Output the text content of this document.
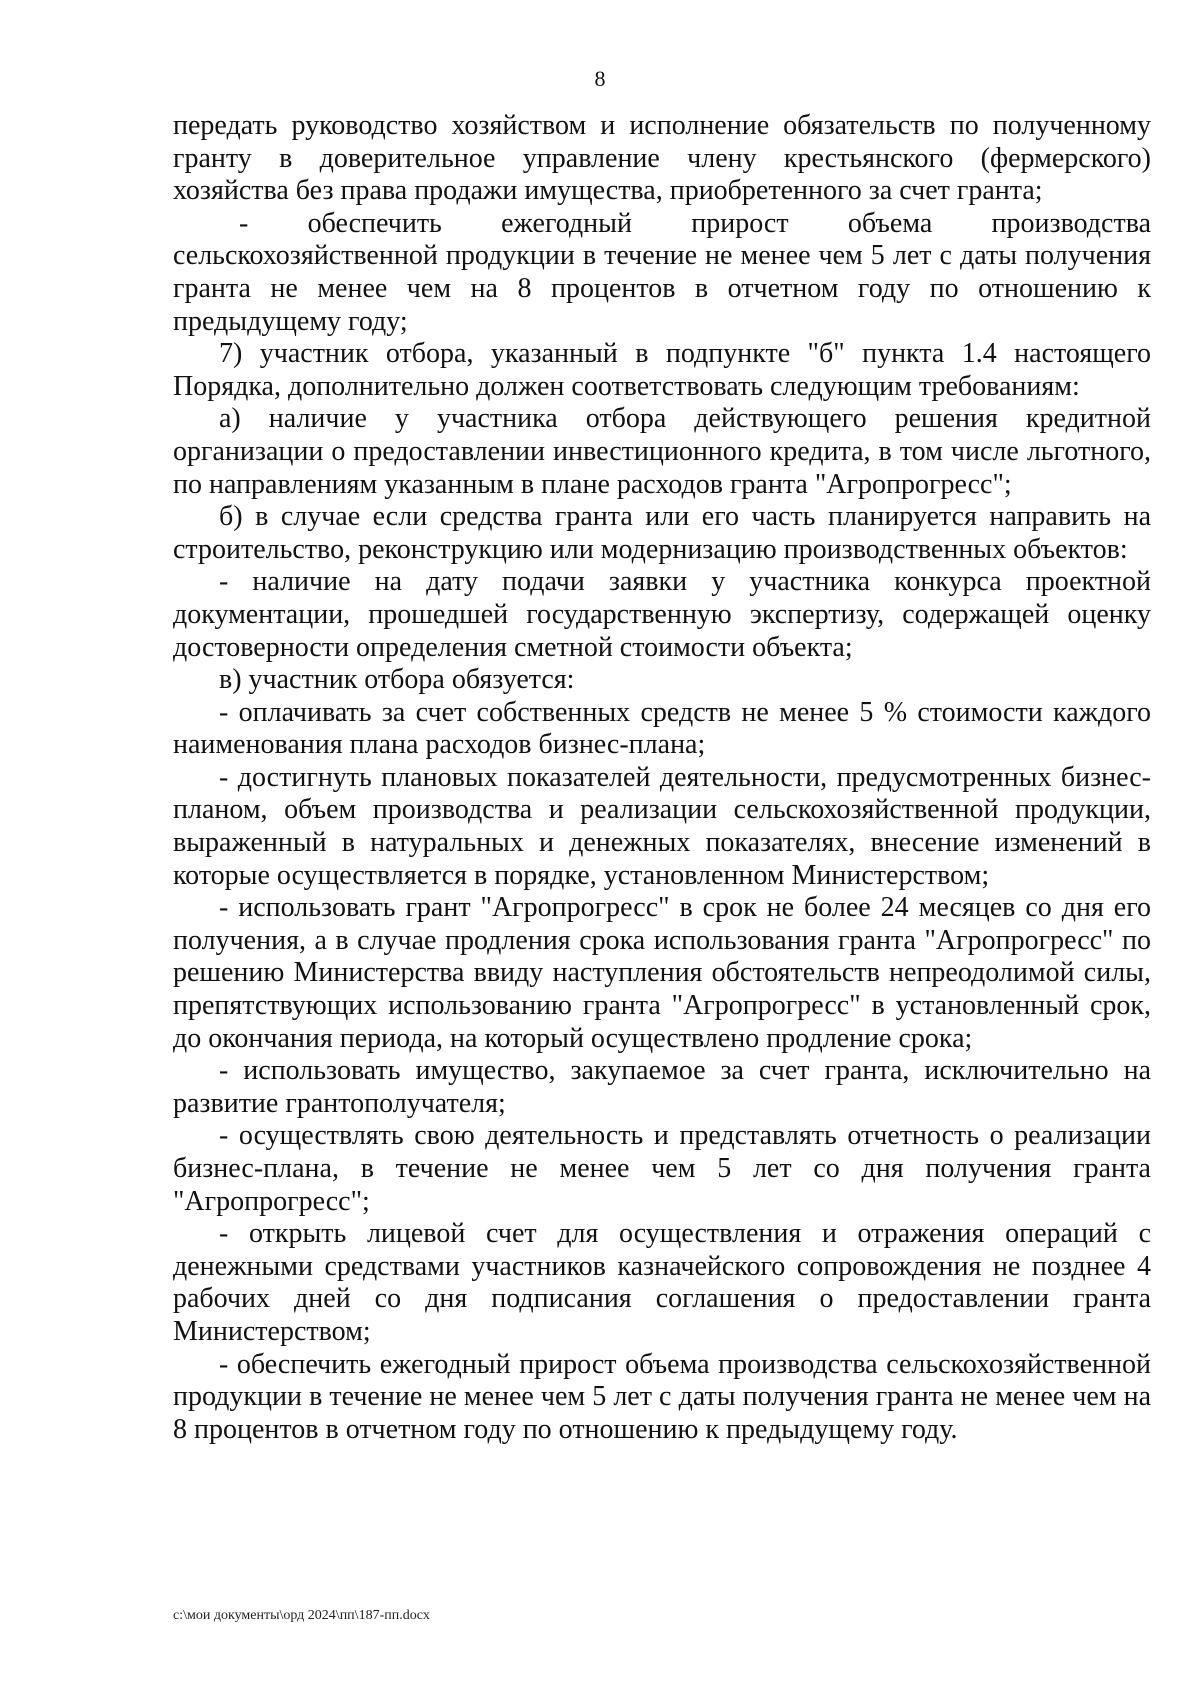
8

передать руководство хозяйством и исполнение обязательств по полученному гранту в доверительное управление члену крестьянского (фермерского) хозяйства без права продажи имущества, приобретенного за счет гранта;

- обеспечить ежегодный прирост объема производства сельскохозяйственной продукции в течение не менее чем 5 лет с даты получения гранта не менее чем на 8 процентов в отчетном году по отношению к предыдущему году;

7) участник отбора, указанный в подпункте "б" пункта 1.4 настоящего Порядка, дополнительно должен соответствовать следующим требованиям:

а) наличие у участника отбора действующего решения кредитной организации о предоставлении инвестиционного кредита, в том числе льготного, по направлениям указанным в плане расходов гранта "Агропрогресс";

б) в случае если средства гранта или его часть планируется направить на строительство, реконструкцию или модернизацию производственных объектов:

- наличие на дату подачи заявки у участника конкурса проектной документации, прошедшей государственную экспертизу, содержащей оценку достоверности определения сметной стоимости объекта;

в) участник отбора обязуется:

- оплачивать за счет собственных средств не менее 5 % стоимости каждого наименования плана расходов бизнес-плана;

- достигнуть плановых показателей деятельности, предусмотренных бизнес-планом, объем производства и реализации сельскохозяйственной продукции, выраженный в натуральных и денежных показателях, внесение изменений в которые осуществляется в порядке, установленном Министерством;

- использовать грант "Агропрогресс" в срок не более 24 месяцев со дня его получения, а в случае продления срока использования гранта "Агропрогресс" по решению Министерства ввиду наступления обстоятельств непреодолимой силы, препятствующих использованию гранта "Агропрогресс" в установленный срок, до окончания периода, на который осуществлено продление срока;

- использовать имущество, закупаемое за счет гранта, исключительно на развитие грантополучателя;

- осуществлять свою деятельность и представлять отчетность о реализации бизнес-плана, в течение не менее чем 5 лет со дня получения гранта "Агропрогресс";

- открыть лицевой счет для осуществления и отражения операций с денежными средствами участников казначейского сопровождения не позднее 4 рабочих дней со дня подписания соглашения о предоставлении гранта Министерством;

- обеспечить ежегодный прирост объема производства сельскохозяйственной продукции в течение не менее чем 5 лет с даты получения гранта не менее чем на 8 процентов в отчетном году по отношению к предыдущему году.

c:\мои документы\орд 2024\пп\187-пп.docx
